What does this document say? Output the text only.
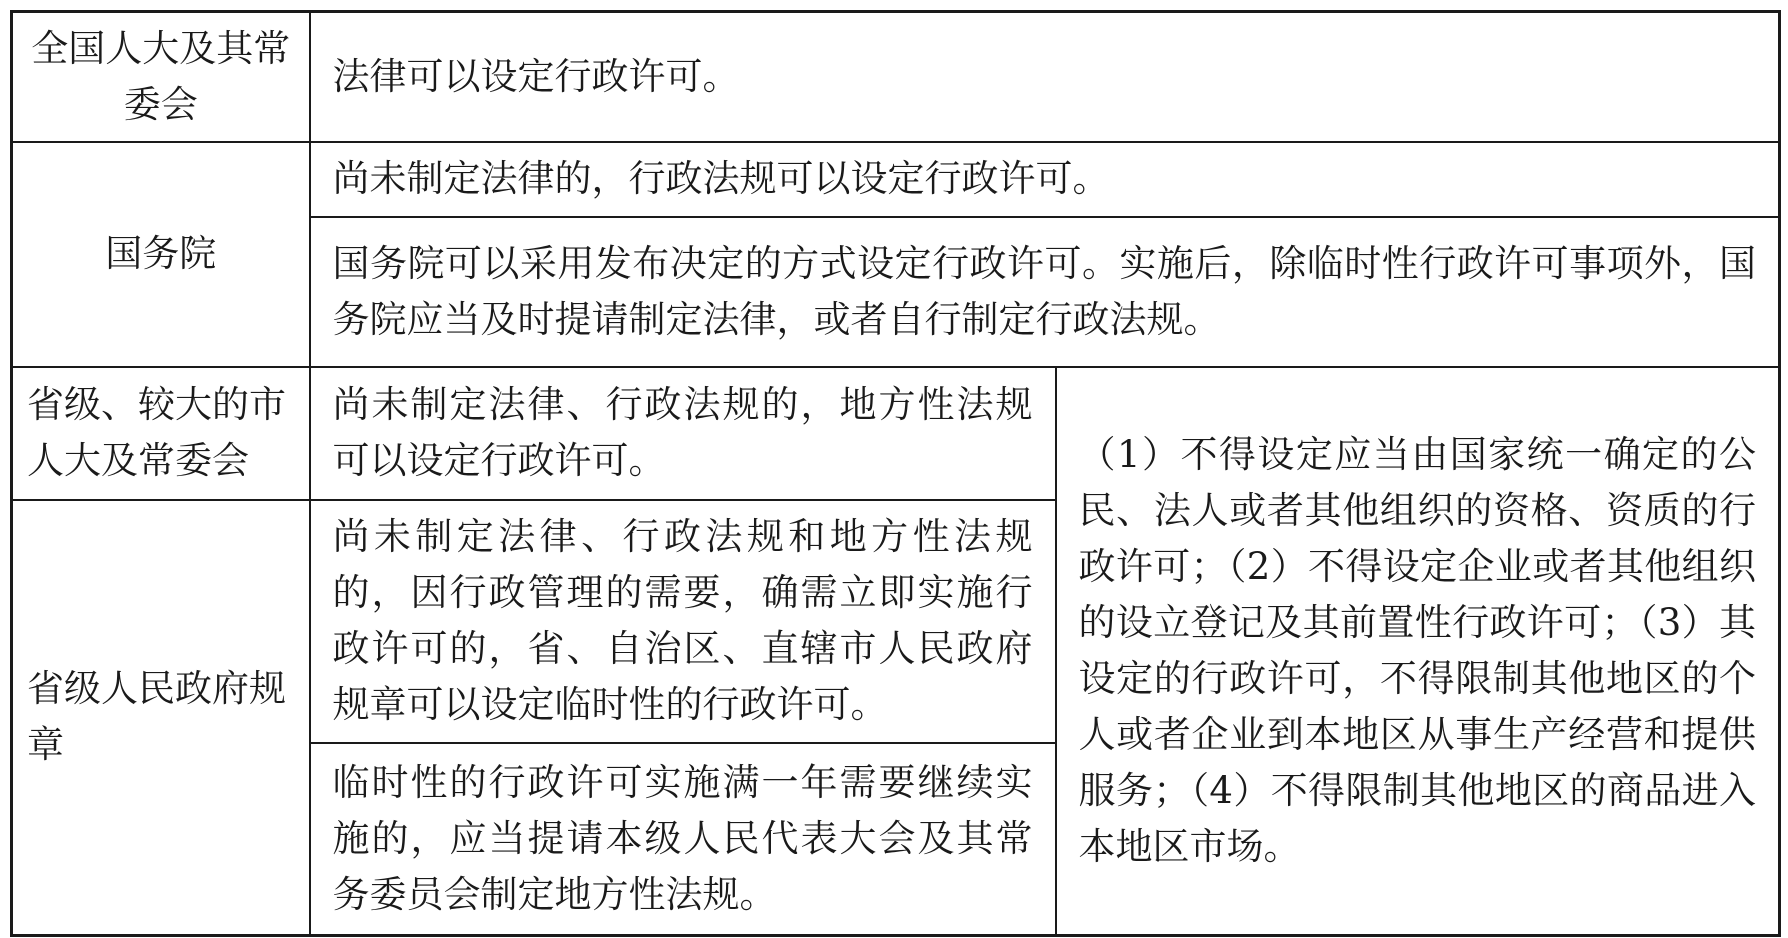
全国人大及其常委会	法律可以设定行政许可。	
国务院	尚未制定法律的，行政法规可以设定行政许可。	
	国务院可以采用发布决定的方式设定行政许可。实施后，除临时性行政许可事项外，国务院应当及时提请制定法律，或者自行制定行政法规。	
省级、较大的市人大及常委会	尚未制定法律、行政法规的，地方性法规可以设定行政许可。	（1）不得设定应当由国家统一确定的公民、法人或者其他组织的资格、资质的行政许可；（2）不得设定企业或者其他组织的设立登记及其前置性行政许可；（3）其设定的行政许可，不得限制其他地区的个人或者企业到本地区从事生产经营和提供服务；（4）不得限制其他地区的商品进入本地区市场。
省级人民政府规章	尚未制定法律、行政法规和地方性法规的，因行政管理的需要，确需立即实施行政许可的，省、自治区、直辖市人民政府规章可以设定临时性的行政许可。	
	临时性的行政许可实施满一年需要继续实施的，应当提请本级人民代表大会及其常务委员会制定地方性法规。	
